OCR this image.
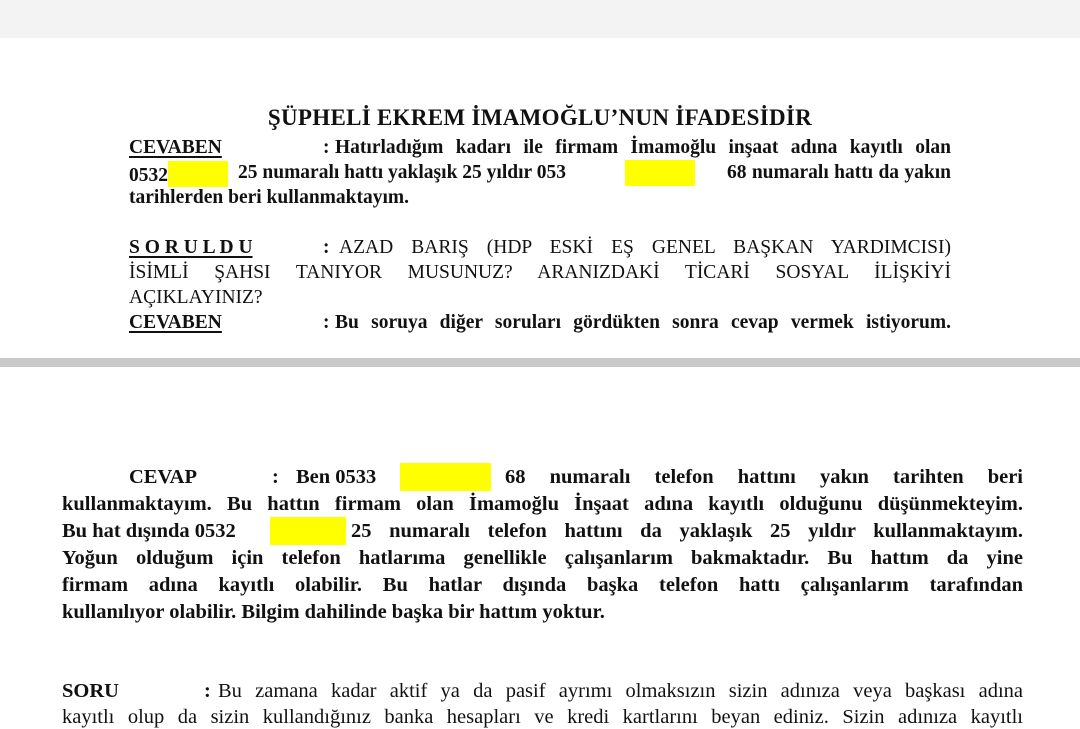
ŞÜPHELİ EKREM İMAMOĞLU’NUN İFADESİDİR
CEVABEN	: Hatırladığım kadarı ile firmam İmamoğlu inşaat adına kayıtlı olan
0532	25 numaralı hattı yaklaşık 25 yıldır 053	68 numaralı hattı da yakın
tarihlerden beri kullanmaktayım.
S O R U L D U	: AZAD BARIŞ (HDP ESKİ EŞ GENEL BAŞKAN YARDIMCISI)
İSİMLİ ŞAHSI TANIYOR MUSUNUZ? ARANIZDAKİ TİCARİ SOSYAL İLİŞKİYİ
AÇIKLAYINIZ?
CEVABEN	: Bu soruya diğer soruları gördükten sonra cevap vermek istiyorum.
CEVAP	: Ben 0533	68 numaralı telefon hattını yakın tarihten beri
kullanmaktayım. Bu hattın firmam olan İmamoğlu İnşaat adına kayıtlı olduğunu düşünmekteyim.
Bu hat dışında 0532	25 numaralı telefon hattını da yaklaşık 25 yıldır kullanmaktayım.
Yoğun olduğum için telefon hatlarıma genellikle çalışanlarım bakmaktadır. Bu hattım da yine
firmam adına kayıtlı olabilir. Bu hatlar dışında başka telefon hattı çalışanlarım tarafından
kullanılıyor olabilir. Bilgim dahilinde başka bir hattım yoktur.
SORU	: Bu zamana kadar aktif ya da pasif ayrımı olmaksızın sizin adınıza veya başkası adına
kayıtlı olup da sizin kullandığınız banka hesapları ve kredi kartlarını beyan ediniz. Sizin adınıza kayıtlı
